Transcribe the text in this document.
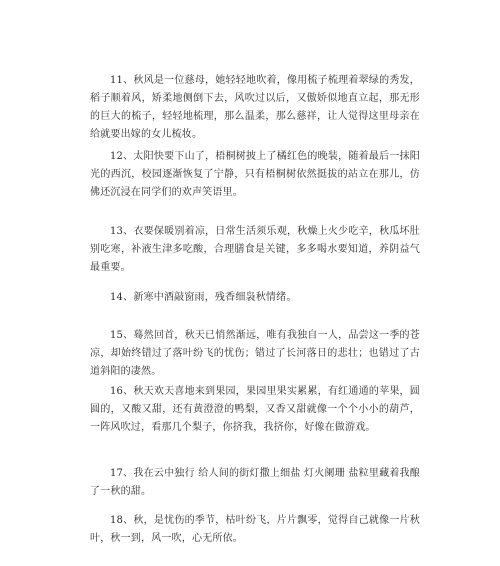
11、秋风是一位慈母，她轻轻地吹着，像用梳子梳理着翠绿的秀发，稻子顺着风，矫柔地侧倒下去，风吹过以后，又傲娇似地直立起，那无形的巨大的梳子，轻轻地梳理，那么温柔，那么慈祥，让人觉得这里母亲在给就要出嫁的女儿梳妆。

12、太阳快要下山了，梧桐树披上了橘红色的晚装，随着最后一抹阳光的西沉，校园逐渐恢复了宁静，只有梧桐树依然挺拔的站立在那儿，仿佛还沉浸在同学们的欢声笑语里。

13、衣要保暖别着凉，日常生活须乐观，秋燥上火少吃辛，秋瓜坏肚别吃寒，补液生津多吃酸，合理膳食是关键，多多喝水要知道，养阴益气最重要。

14、新寒中酒敲窗雨，残香细袅秋情绪。

15、蓦然回首，秋天已悄然渐远，唯有我独自一人，品尝这一季的苍凉，却始终错过了落叶纷飞的忧伤；错过了长河落日的悲壮；也错过了古道斜阳的凄然。

16、秋天欢天喜地来到果园，果园里果实累累，有红通通的苹果，圆圆的，又酸又甜，还有黄澄澄的鸭梨，又香又甜就像一个个小小的葫芦，一阵风吹过，看那几个梨子，你挤我，我挤你，好像在做游戏。

17、我在云中独行 给人间的街灯撒上细盐 灯火阑珊 盐粒里藏着我酿了一秋的甜。

18、秋，是忧伤的季节，枯叶纷飞，片片飘零，觉得自己就像一片秋叶，秋一到，风一吹，心无所依。
